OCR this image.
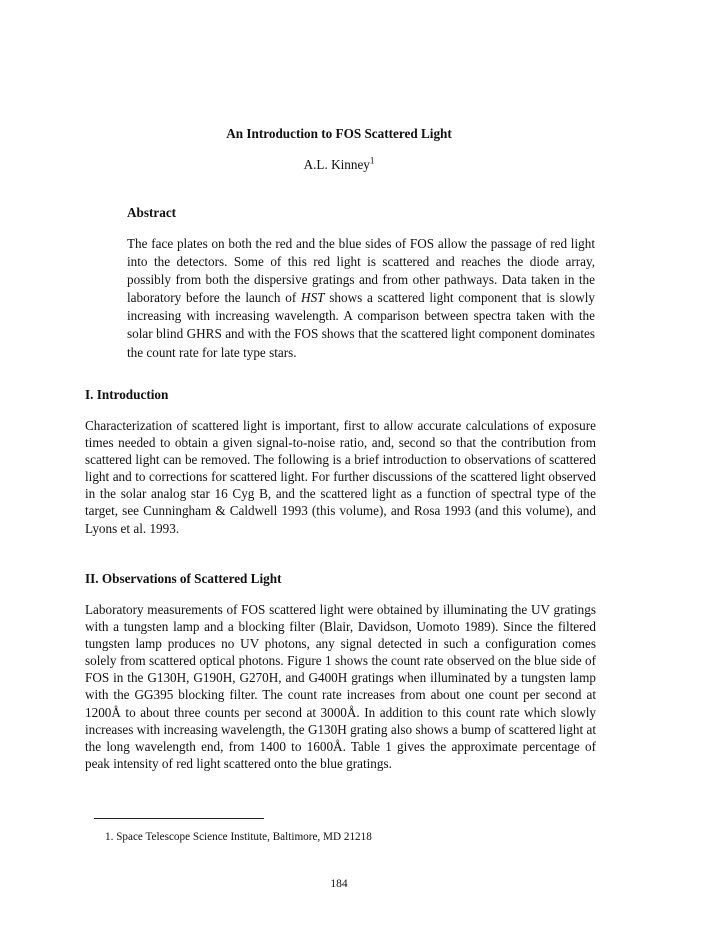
An Introduction to FOS Scattered Light
A.L. Kinney$^1$
Abstract

The face plates on both the red and the blue sides of FOS allow the passage of red light into the detectors. Some of this red light is scattered and reaches the diode array, possibly from both the dispersive gratings and from other pathways. Data taken in the laboratory before the launch of HST shows a scattered light component that is slowly increasing with increasing wavelength. A comparison between spectra taken with the solar blind GHRS and with the FOS shows that the scattered light component dominates the count rate for late type stars.

I. Introduction

Characterization of scattered light is important, first to allow accurate calculations of exposure times needed to obtain a given signal-to-noise ratio, and, second so that the contribution from scattered light can be removed. The following is a brief introduction to observations of scattered light and to corrections for scattered light. For further discussions of the scattered light observed in the solar analog star 16 Cyg B, and the scattered light as a function of spectral type of the target, see Cunningham & Caldwell 1993 (this volume), and Rosa 1993 (and this volume), and Lyons et al. 1993.

II. Observations of Scattered Light

Laboratory measurements of FOS scattered light were obtained by illuminating the UV gratings with a tungsten lamp and a blocking filter (Blair, Davidson, Uomoto 1989). Since the filtered tungsten lamp produces no UV photons, any signal detected in such a configuration comes solely from scattered optical photons. Figure 1 shows the count rate observed on the blue side of FOS in the G130H, G190H, G270H, and G400H gratings when illuminated by a tungsten lamp with the GG395 blocking filter. The count rate increases from about one count per second at 1200Å to about three counts per second at 3000Å. In addition to this count rate which slowly increases with increasing wavelength, the G130H grating also shows a bump of scattered light at the long wavelength end, from 1400 to 1600Å. Table 1 gives the approximate percentage of peak intensity of red light scattered onto the blue gratings.

1. Space Telescope Science Institute, Baltimore, MD 21218
184
